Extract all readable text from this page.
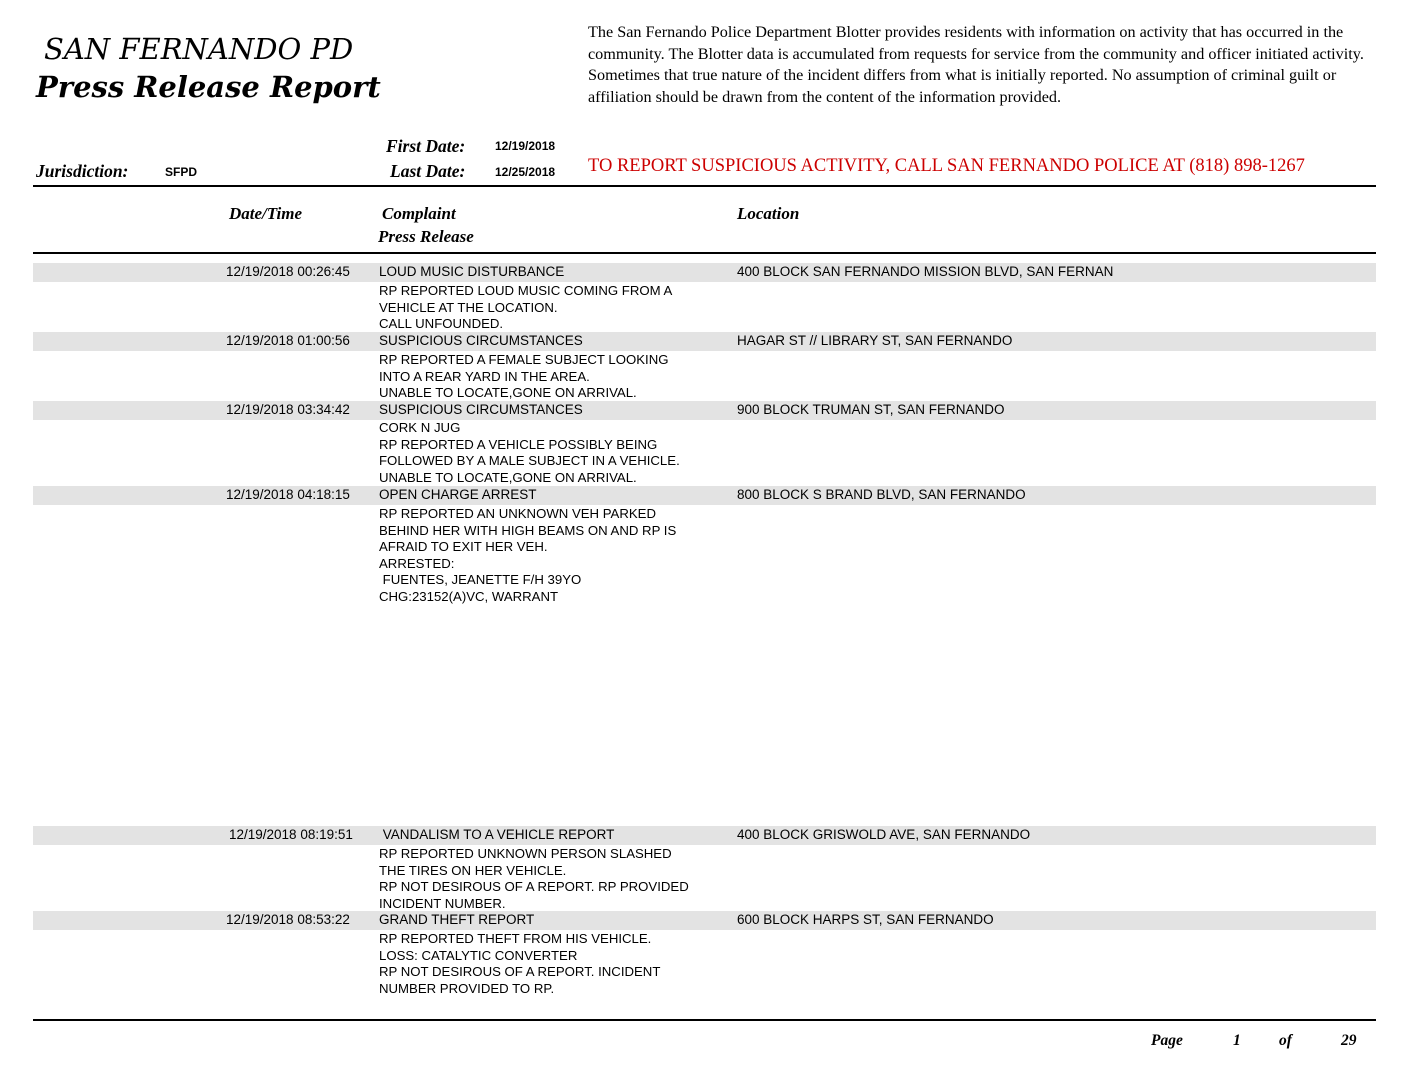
SAN FERNANDO PD
Press Release Report
The San Fernando Police Department Blotter provides residents with information on activity that has occurred in the community. The Blotter data is accumulated from requests for service from the community and officer initiated activity. Sometimes that true nature of the incident differs from what is initially reported. No assumption of criminal guilt or affiliation should be drawn from the content of the information provided.
First Date: 12/19/2018
Jurisdiction:	SFPD	Last Date: 12/25/2018 TO REPORT SUSPICIOUS ACTIVITY, CALL SAN FERNANDO POLICE AT (818) 898-1267
Date/Time	Complaint
Press Release
Location
12/19/2018 00:26:45 LOUD MUSIC DISTURBANCE	400 BLOCK SAN FERNANDO MISSION BLVD, SAN FERNAN
RP REPORTED LOUD MUSIC COMING FROM A
VEHICLE AT THE LOCATION.
CALL UNFOUNDED.
12/19/2018 01:00:56 SUSPICIOUS CIRCUMSTANCES	HAGAR ST // LIBRARY ST, SAN FERNANDO
RP REPORTED A FEMALE SUBJECT LOOKING
INTO A REAR YARD IN THE AREA.
UNABLE TO LOCATE,GONE ON ARRIVAL.
12/19/2018 03:34:42 SUSPICIOUS CIRCUMSTANCES	900 BLOCK TRUMAN ST, SAN FERNANDO
CORK N JUG
RP REPORTED A VEHICLE POSSIBLY BEING
FOLLOWED BY A MALE SUBJECT IN A VEHICLE.
UNABLE TO LOCATE,GONE ON ARRIVAL.
12/19/2018 04:18:15 OPEN CHARGE ARREST	800 BLOCK S BRAND BLVD, SAN FERNANDO
RP REPORTED AN UNKNOWN VEH PARKED
BEHIND HER WITH HIGH BEAMS ON AND RP IS
AFRAID TO EXIT HER VEH.
ARRESTED:
FUENTES, JEANETTE F/H 39YO
CHG:23152(A)VC, WARRANT
12/19/2018 08:19:51 VANDALISM TO A VEHICLE REPORT	400 BLOCK GRISWOLD AVE, SAN FERNANDO
RP REPORTED UNKNOWN PERSON SLASHED
THE TIRES ON HER VEHICLE.
RP NOT DESIROUS OF A REPORT. RP PROVIDED
INCIDENT NUMBER.
12/19/2018 08:53:22 GRAND THEFT REPORT	600 BLOCK HARPS ST, SAN FERNANDO
RP REPORTED THEFT FROM HIS VEHICLE.
LOSS: CATALYTIC CONVERTER
RP NOT DESIROUS OF A REPORT. INCIDENT
NUMBER PROVIDED TO RP.
Page	1 of	29
